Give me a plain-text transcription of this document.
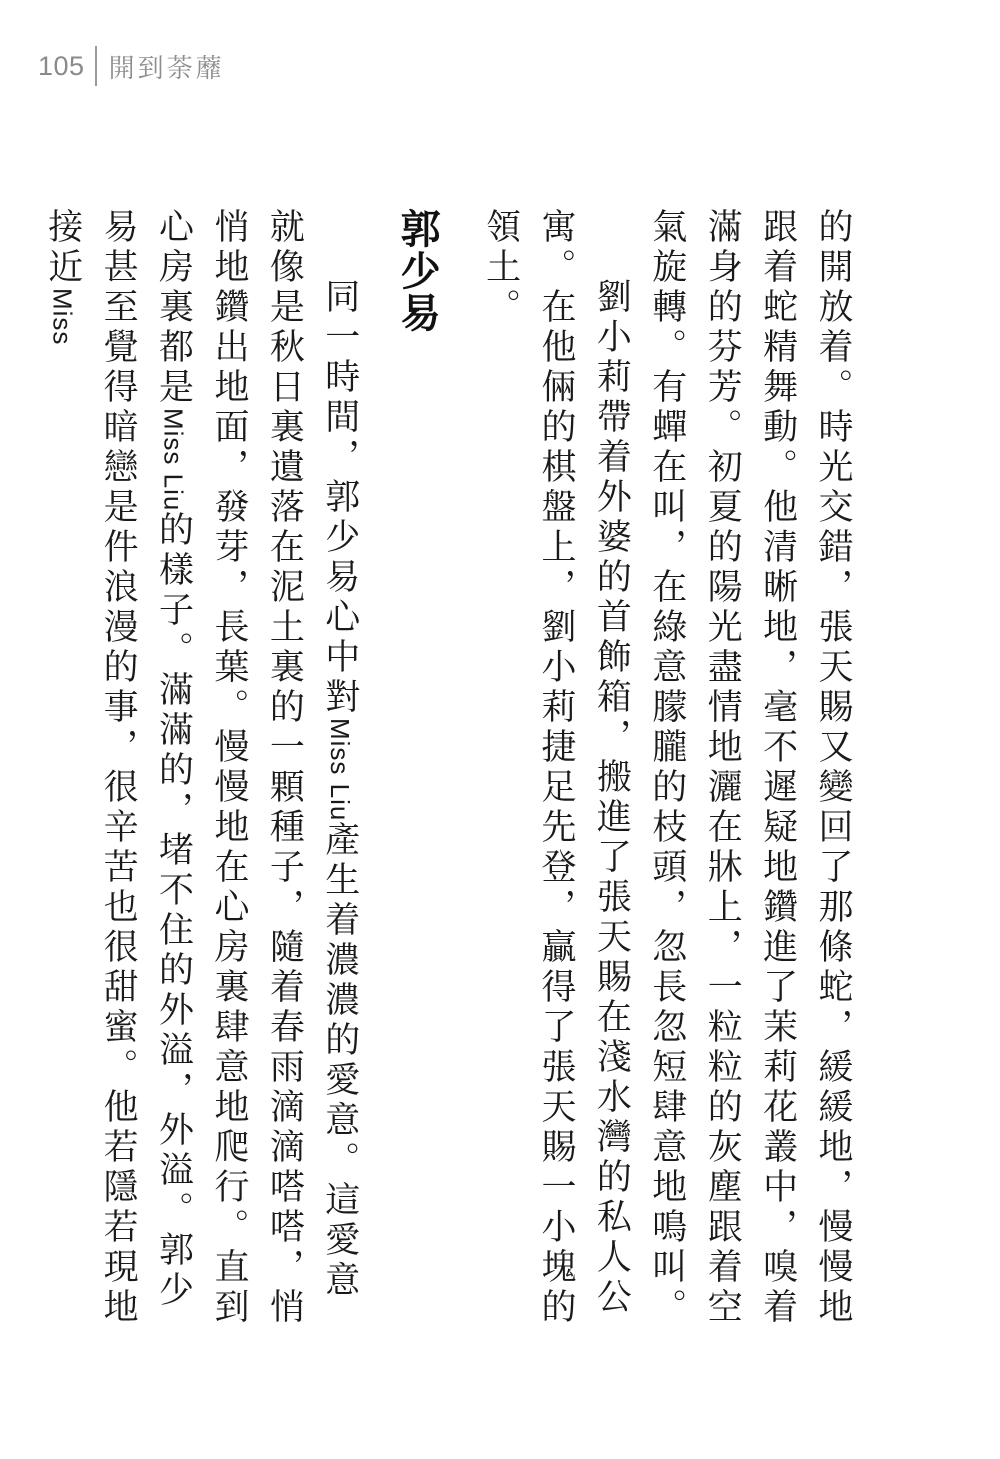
105 開到荼蘼

的開放着。時光交錯，張天賜又變回了那條蛇，緩緩地，慢慢地跟着蛇精舞動。他清晰地，毫不遲疑地鑽進了茉莉花叢中，嗅着滿身的芬芳。初夏的陽光盡情地灑在牀上，一粒粒的灰塵跟着空氣旋轉。有蟬在叫，在綠意朦朧的枝頭，忽長忽短肆意地鳴叫。

劉小莉帶着外婆的首飾箱，搬進了張天賜在淺水灣的私人公寓。在他倆的棋盤上，劉小莉捷足先登，贏得了張天賜一小塊的領土。

郭少易

同一時間，郭少易心中對Miss Liu產生着濃濃的愛意。這愛意就像是秋日裏遺落在泥土裏的一顆種子，隨着春雨滴滴嗒嗒，悄悄地鑽出地面，發芽，長葉。慢慢地在心房裏肆意地爬行。直到心房裏都是Miss Liu的樣子。滿滿的，堵不住的外溢，外溢。郭少易甚至覺得暗戀是件浪漫的事，很辛苦也很甜蜜。他若隱若現地接近Miss
